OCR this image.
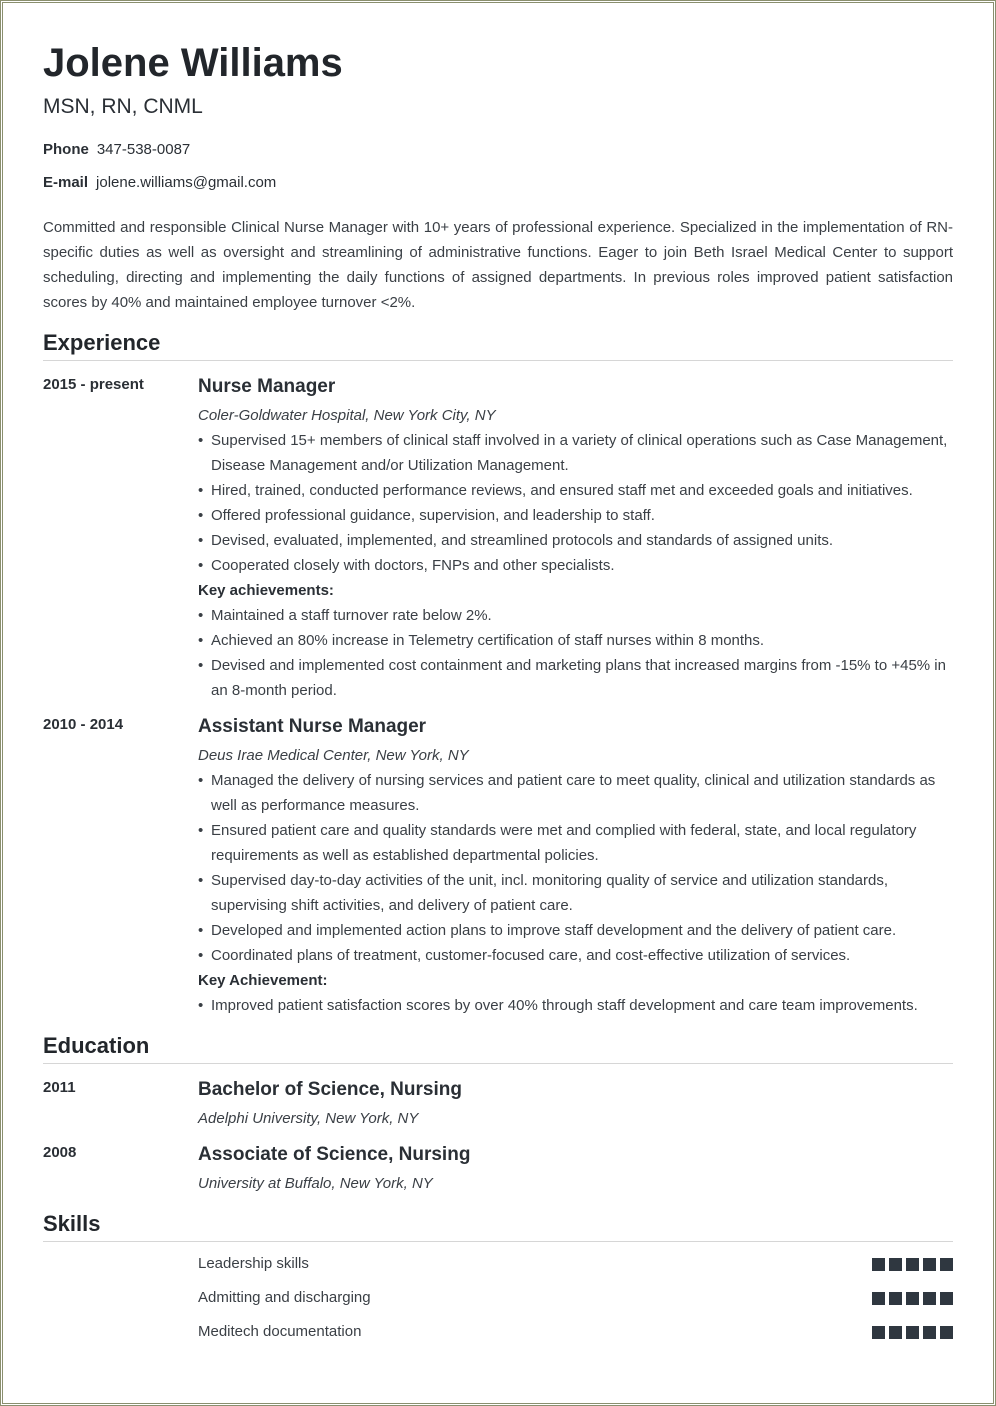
Jolene Williams
MSN, RN, CNML
Phone 347-538-0087
E-mail jolene.williams@gmail.com
Committed and responsible Clinical Nurse Manager with 10+ years of professional experience. Specialized in the implementation of RN-specific duties as well as oversight and streamlining of administrative functions. Eager to join Beth Israel Medical Center to support scheduling, directing and implementing the daily functions of assigned departments. In previous roles improved patient satisfaction scores by 40% and maintained employee turnover <2%.
Experience
2015 - present	Nurse Manager
Coler-Goldwater Hospital, New York City, NY
• Supervised 15+ members of clinical staff involved in a variety of clinical operations such as Case Management, Disease Management and/or Utilization Management.
• Hired, trained, conducted performance reviews, and ensured staff met and exceeded goals and initiatives.
• Offered professional guidance, supervision, and leadership to staff.
• Devised, evaluated, implemented, and streamlined protocols and standards of assigned units.
• Cooperated closely with doctors, FNPs and other specialists.
Key achievements:
• Maintained a staff turnover rate below 2%.
• Achieved an 80% increase in Telemetry certification of staff nurses within 8 months.
• Devised and implemented cost containment and marketing plans that increased margins from -15% to +45% in an 8-month period.
2010 - 2014	Assistant Nurse Manager
Deus Irae Medical Center, New York, NY
• Managed the delivery of nursing services and patient care to meet quality, clinical and utilization standards as well as performance measures.
• Ensured patient care and quality standards were met and complied with federal, state, and local regulatory requirements as well as established departmental policies.
• Supervised day-to-day activities of the unit, incl. monitoring quality of service and utilization standards, supervising shift activities, and delivery of patient care.
• Developed and implemented action plans to improve staff development and the delivery of patient care.
• Coordinated plans of treatment, customer-focused care, and cost-effective utilization of services.
Key Achievement:
• Improved patient satisfaction scores by over 40% through staff development and care team improvements.
Education
2011	Bachelor of Science, Nursing
Adelphi University, New York, NY
2008	Associate of Science, Nursing
University at Buffalo, New York, NY
Skills
Leadership skills
Admitting and discharging
Meditech documentation
